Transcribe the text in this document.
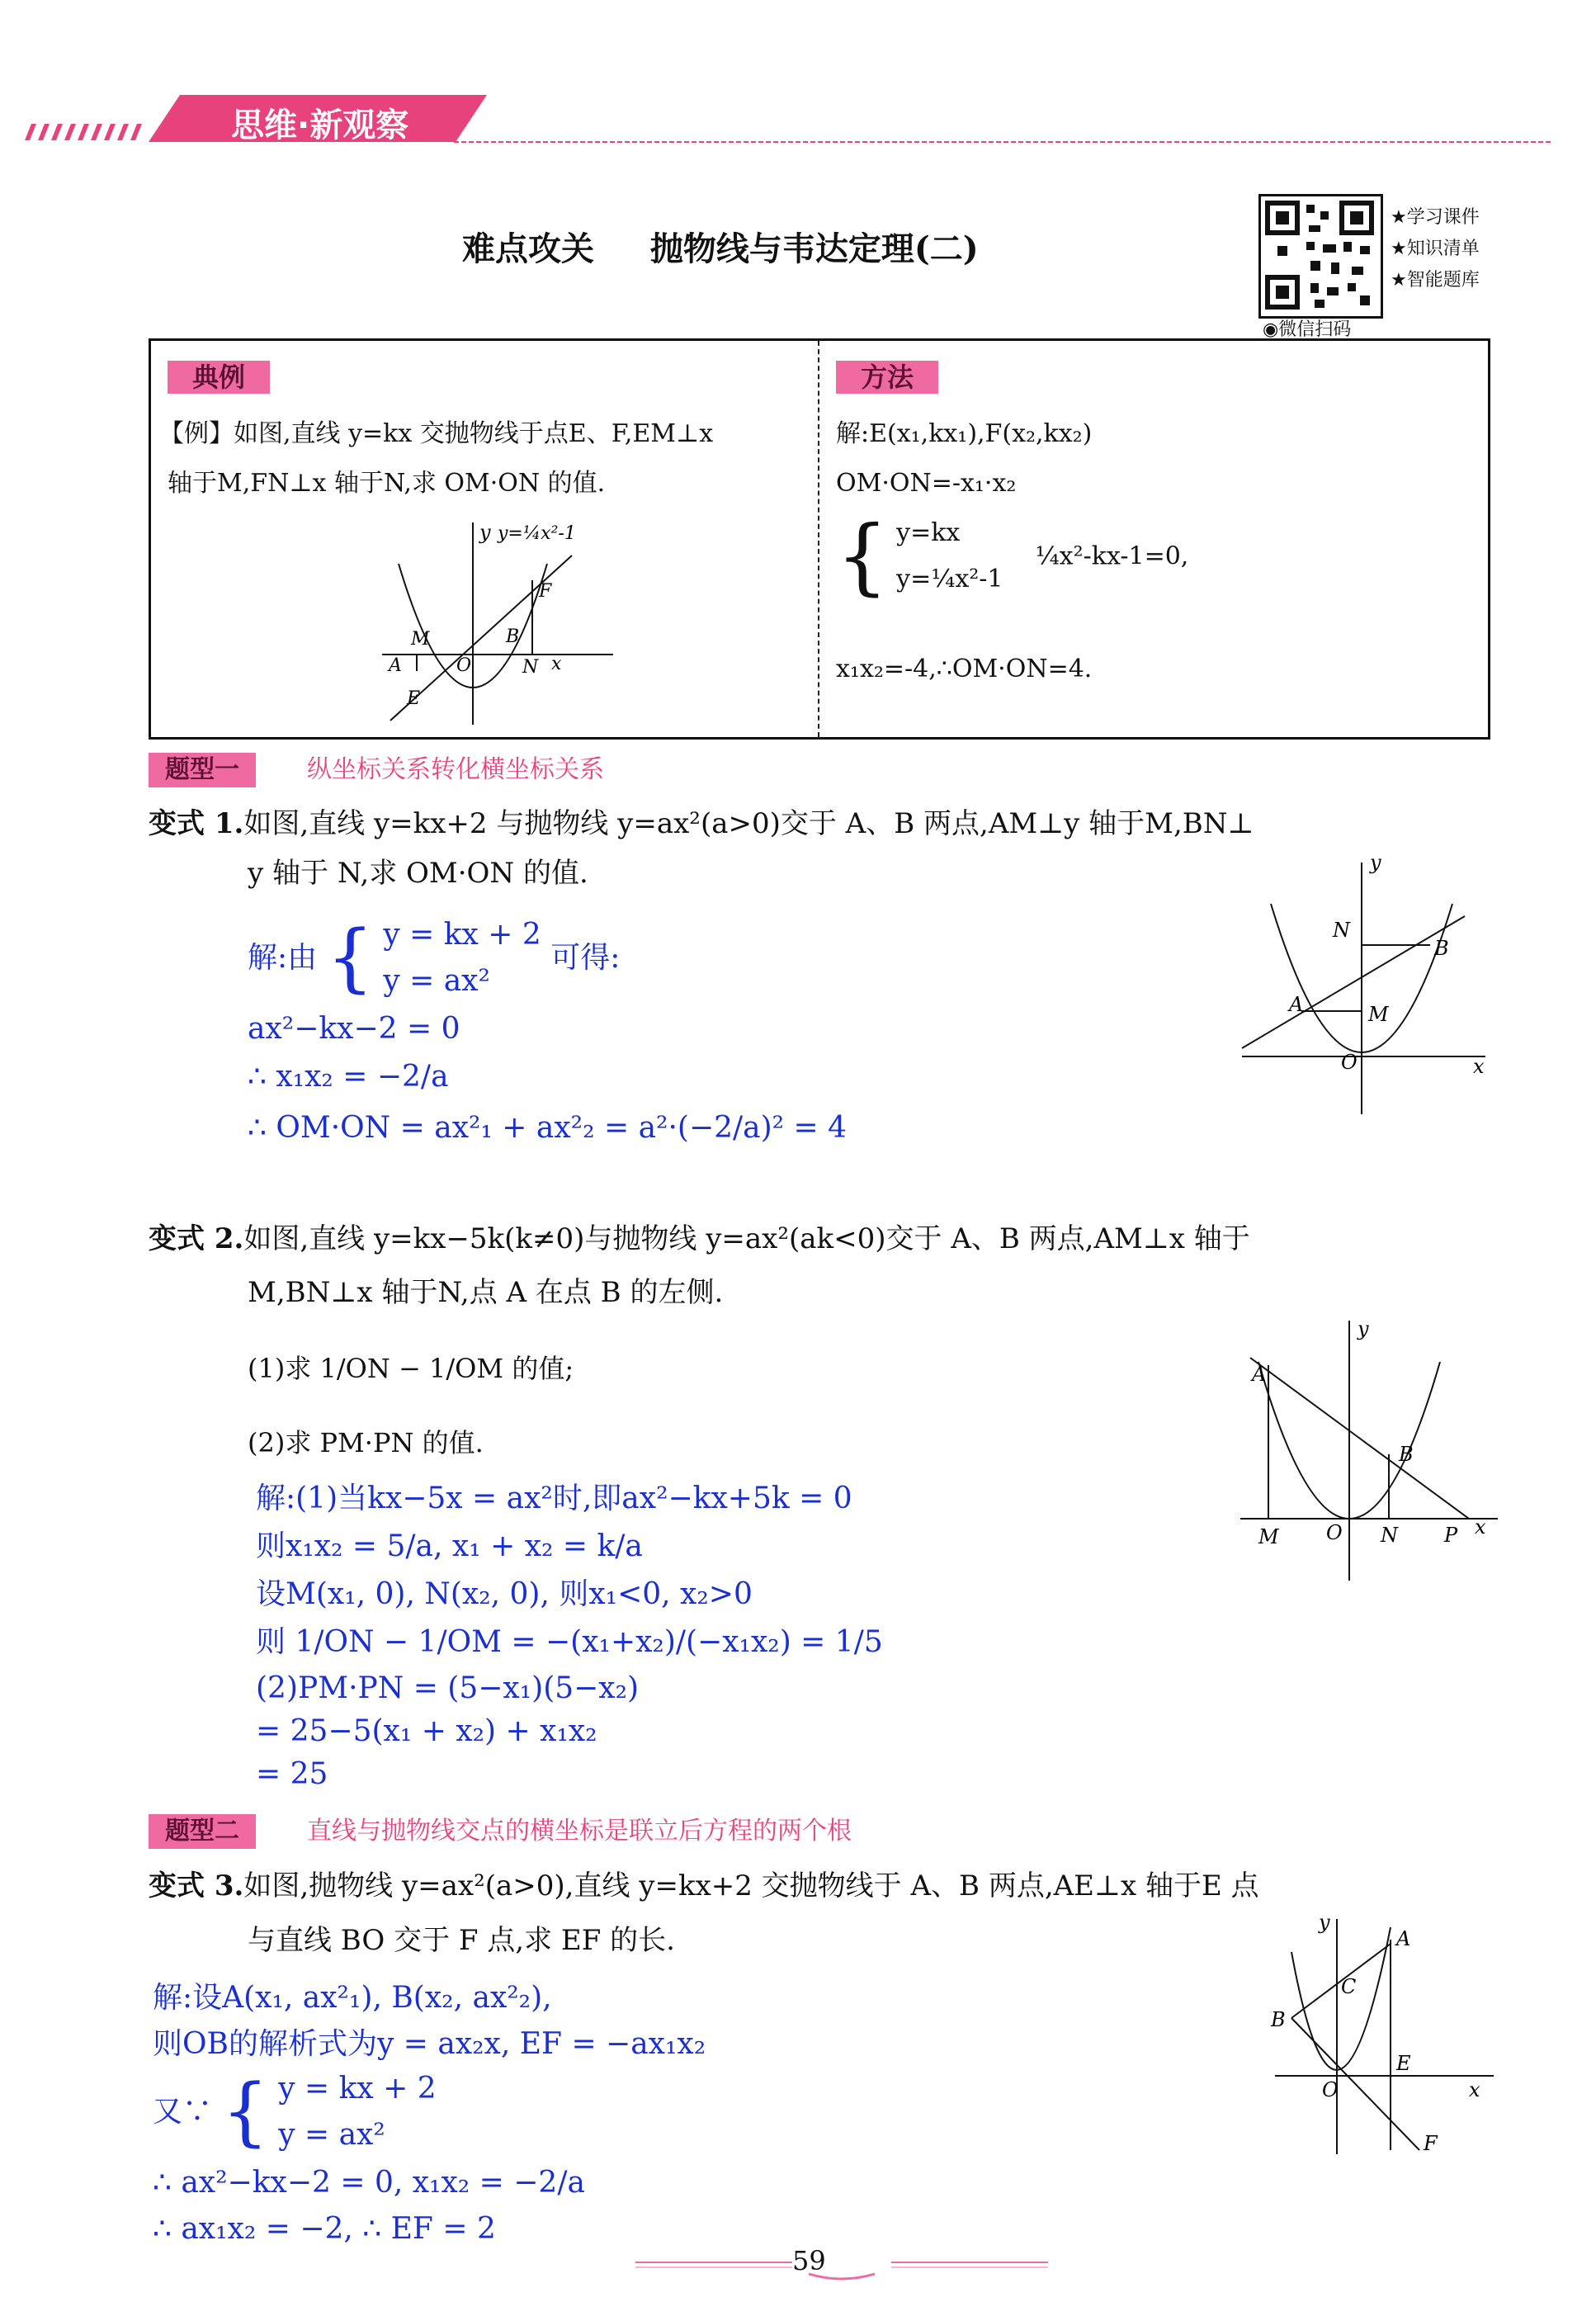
思维·新观察
难点攻关 抛物线与韦达定理(二)
★学习课件
★知识清单
★智能题库
◉微信扫码
典例
【例】如图,直线 y=kx 交抛物线于点E、F,EM⊥x
轴于M,FN⊥x 轴于N,求 OM·ON 的值.
y y=¼x²-1
M	B
F
A	O	N x
E
方法
解:E(x₁,kx₁),F(x₂,kx₂)
OM·ON=-x₁·x₂
{ y=kx
y=¼x²-1  ¼x²-kx-1=0,
x₁x₂=-4,∴OM·ON=4.
题型一	纵坐标关系转化横坐标关系
变式 1.如图,直线 y=kx+2 与抛物线 y=ax²(a>0)交于 A、B 两点,AM⊥y 轴于M,BN⊥
y 轴于 N,求 OM·ON 的值.
解:由 { y = kx + 2
y = ax² 可得:
ax²−kx−2 = 0
∴ x₁x₂ = −2/a
∴ OM·ON = ax²₁ + ax²₂ = a²·(−2/a)² = 4
y
N
B
A	M
O	x
变式 2.如图,直线 y=kx−5k(k≠0)与抛物线 y=ax²(ak<0)交于 A、B 两点,AM⊥x 轴于
M,BN⊥x 轴于N,点 A 在点 B 的左侧.
(1)求 1/ON − 1/OM 的值;
(2)求 PM·PN 的值.
解:(1)当kx−5x = ax²时,即ax²−kx+5k = 0
则x₁x₂ = 5/a, x₁ + x₂ = k/a
设M(x₁, 0), N(x₂, 0), 则x₁<0, x₂>0
则 1/ON − 1/OM = −(x₁+x₂)/(−x₁x₂) = 1/5
(2)PM·PN = (5−x₁)(5−x₂)
= 25−5(x₁ + x₂) + x₁x₂
= 25
y
A
B
M O N P x
题型二	直线与抛物线交点的横坐标是联立后方程的两个根
变式 3.如图,抛物线 y=ax²(a>0),直线 y=kx+2 交抛物线于 A、B 两点,AE⊥x 轴于E 点
与直线 BO 交于 F 点,求 EF 的长.
解:设A(x₁, ax²₁), B(x₂, ax²₂),
则OB的解析式为y = ax₂x, EF = −ax₁x₂
又∵ { y = kx + 2
y = ax²
∴ ax²−kx−2 = 0, x₁x₂ = −2/a
∴ ax₁x₂ = −2, ∴ EF = 2
y
A
C
B
E
O	x
F
59
